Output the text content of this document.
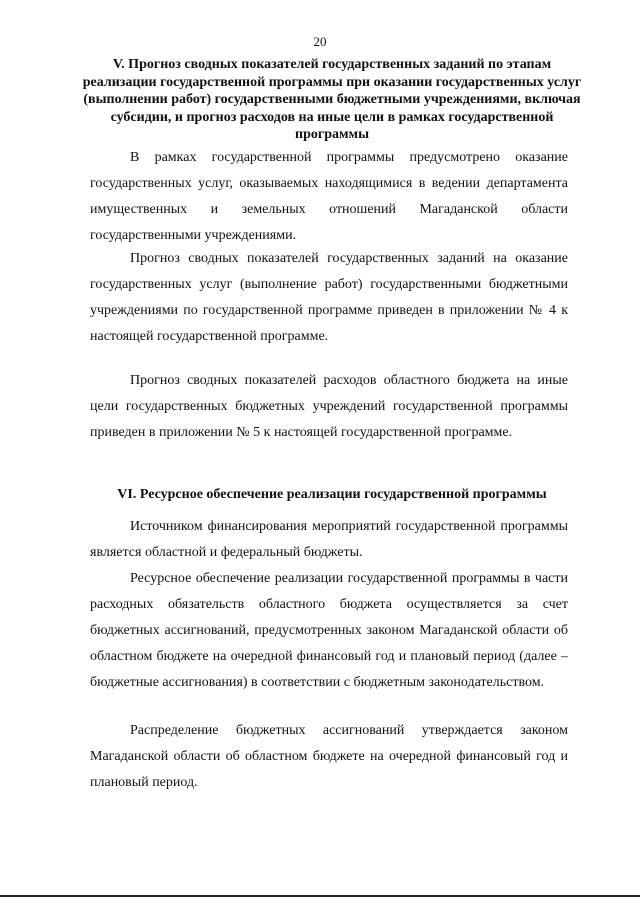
20
V. Прогноз сводных показателей государственных заданий по этапам реализации государственной программы при оказании государственных услуг (выполнении работ) государственными бюджетными учреждениями, включая субсидии, и прогноз расходов на иные цели в рамках государственной программы

В рамках государственной программы предусмотрено оказание государственных услуг, оказываемых находящимися в ведении департамента имущественных и земельных отношений Магаданской области государственными учреждениями.

Прогноз сводных показателей государственных заданий на оказание государственных услуг (выполнение работ) государственными бюджетными учреждениями по государственной программе приведен в приложении № 4 к настоящей государственной программе.

Прогноз сводных показателей расходов областного бюджета на иные цели государственных бюджетных учреждений государственной программы приведен в приложении № 5 к настоящей государственной программе.

VI. Ресурсное обеспечение реализации государственной программы

Источником финансирования мероприятий государственной программы является областной и федеральный бюджеты.

Ресурсное обеспечение реализации государственной программы в части расходных обязательств областного бюджета осуществляется за счет бюджетных ассигнований, предусмотренных законом Магаданской области об областном бюджете на очередной финансовый год и плановый период (далее – бюджетные ассигнования) в соответствии с бюджетным законодательством.

Распределение бюджетных ассигнований утверждается законом Магаданской области об областном бюджете на очередной финансовый год и плановый период.
